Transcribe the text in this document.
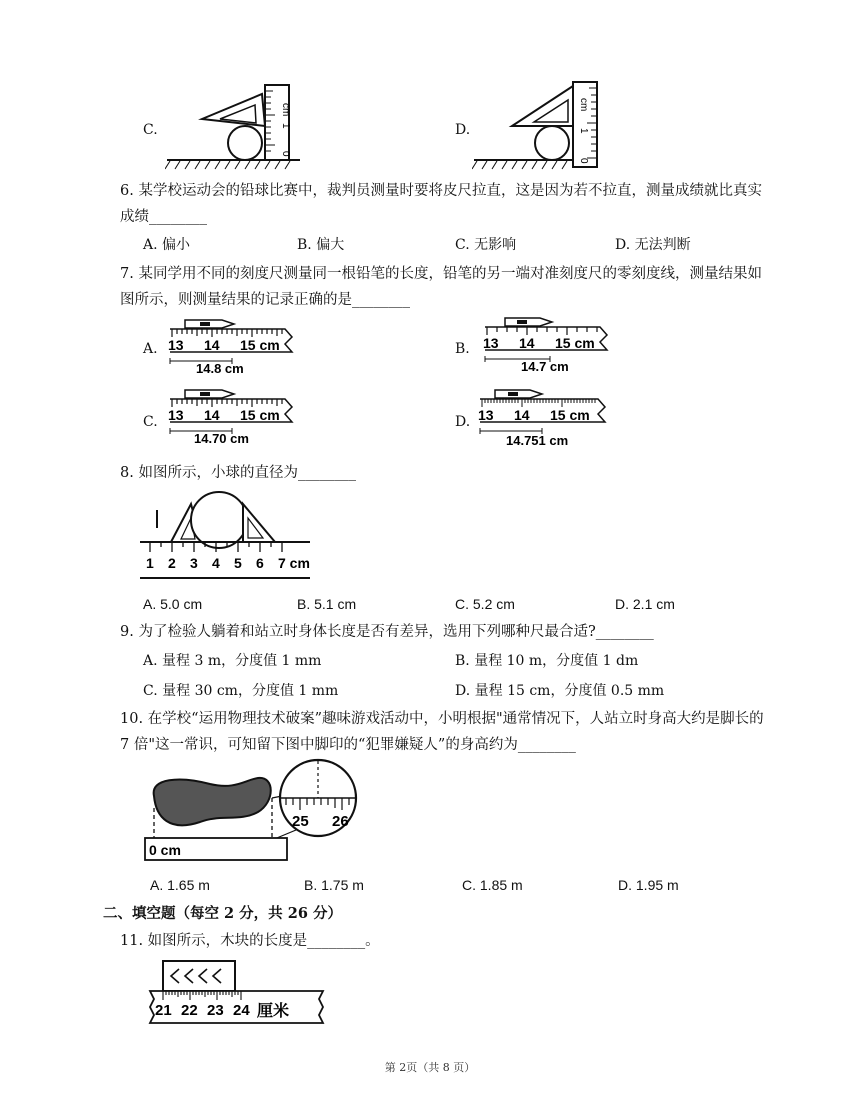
C.
cm
1
0
D.
cm
1
0
6. 某学校运动会的铅球比赛中，裁判员测量时要将皮尺拉直，这是因为若不拉直，测量成绩就比真实成绩________
A. 偏小	B. 偏大	C. 无影响	D. 无法判断
7. 某同学用不同的刻度尺测量同一根铅笔的长度，铅笔的另一端对准刻度尺的零刻度线，测量结果如图所示，则测量结果的记录正确的是________
A. 13 14 15 cm
14.8 cm
B. 13 14 15 cm
14.7 cm
C. 13 14 15 cm
14.70 cm
D. 13 14 15 cm
14.751 cm
8. 如图所示，小球的直径为________
1 2 3 4 5 6 7 cm
A. 5.0 cm	B. 5.1 cm	C. 5.2 cm	D. 2.1 cm
9. 为了检验人躺着和站立时身体长度是否有差异，选用下列哪种尺最合适?________
A. 量程 3 m，分度值 1 mm	B. 量程 10 m，分度值 1 dm
C. 量程 30 cm，分度值 1 mm	D. 量程 15 cm，分度值 0.5 mm
10. 在学校“运用物理技术破案”趣味游戏活动中，小明根据"通常情况下，人站立时身高大约是脚长的 7 倍"这一常识，可知留下图中脚印的“犯罪嫌疑人”的身高约为________
0 cm
25 26
A. 1.65 m	B. 1.75 m	C. 1.85 m	D. 1.95 m
二、填空题（每空 2 分，共 26 分）
11. 如图所示，木块的长度是________。
21 22 23 24 厘米
第 2页（共 8 页）
